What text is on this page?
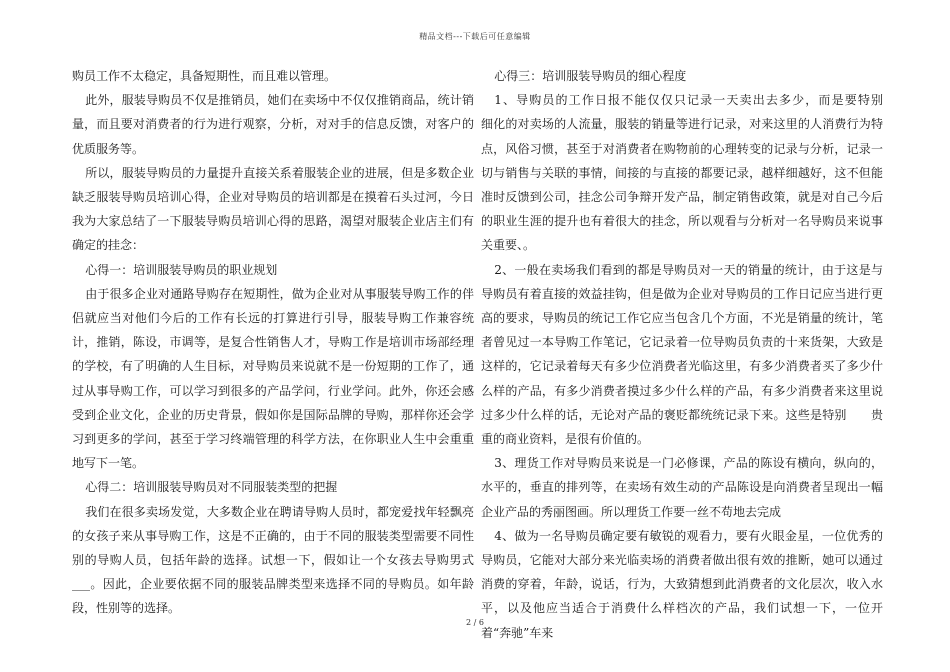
精品文档---下载后可任意编辑

购员工作不太稳定，具备短期性，而且难以管理。

此外，服装导购员不仅是推销员，她们在卖场中不仅仅推销商品，统计销量，而且要对消费者的行为进行观察，分析，对对手的信息反馈，对客户的优质服务等。

所以，服装导购员的力量提升直接关系着服装企业的进展，但是多数企业缺乏服装导购员培训心得，企业对导购员的培训都是在摸着石头过河，今日我为大家总结了一下服装导购员培训心得的思路，渴望对服装企业店主们有确定的挂念：

心得一：培训服装导购员的职业规划

由于很多企业对通路导购存在短期性，做为企业对从事服装导购工作的伴侣就应当对他们今后的工作有长远的打算进行引导，服装导购工作兼容统计，推销，陈设，市调等，是复合性销售人才，导购工作是培训市场部经理的学校，有了明确的人生目标，对导购员来说就不是一份短期的工作了，通过从事导购工作，可以学习到很多的产品学问，行业学问。此外，你还会感受到企业文化，企业的历史背景，假如你是国际品牌的导购，那样你还会学习到更多的学问，甚至于学习终端管理的科学方法，在你职业人生中会重重地写下一笔。

心得二：培训服装导购员对不同服装类型的把握

我们在很多卖场发觉，大多数企业在聘请导购人员时，都宠爱找年轻飘亮的女孩子来从事导购工作，这是不正确的，由于不同的服装类型需要不同性别的导购人员，包括年龄的选择。试想一下，假如让一个女孩去导购男式___。因此，企业要依据不同的服装品牌类型来选择不同的导购员。如年龄段，性别等的选择。

心得三：培训服装导购员的细心程度

1、导购员的工作日报不能仅仅只记录一天卖出去多少，而是要特别　　细化的对卖场的人流量，服装的销量等进行记录，对来这里的人消费行为特点，风俗习惯，甚至于对消费者在购物前的心理转变的记录与分析，记录一切与销售与关联的事情，间接的与直接的都要记录，越样细越好，这不但能准时反馈到公司，挂念公司争辩开发产品，制定销售政策，就是对自己今后的职业生涯的提升也有着很大的挂念，所以观看与分析对一名导购员来说事关重要、。

2、一般在卖场我们看到的都是导购员对一天的销量的统计，由于这是与导购员有着直接的效益挂钩，但是做为企业对导购员的工作日记应当进行更高的要求，导购员的统记工作它应当包含几个方面，不光是销量的统计，笔者曾见过一本导购工作笔记，它记录着一位导购员负责的十来货架，大致是这样的，它记录着每天有多少位消费者光临这里，有多少消费者买了多少什么样的产品，有多少消费者摸过多少什么样的产品，有多少消费者来这里说过多少什么样的话，无论对产品的褒贬都统统记录下来。这些是特别　　贵重的商业资料，是很有价值的。

3、理货工作对导购员来说是一门必修课，产品的陈设有横向，纵向的，水平的，垂直的排列等，在卖场有效生动的产品陈设是向消费者呈现出一幅企业产品的秀丽图画。所以理货工作要一丝不苟地去完成

4、做为一名导购员确定要有敏锐的观看力，要有火眼金星，一位优秀的导购员，它能对大部分来光临卖场的消费者做出很有效的推断，她可以通过消费的穿着，年龄，说话，行为，大致猜想到此消费者的文化层次，收入水平，以及他应当适合于消费什么样档次的产品，我们试想一下，一位开着“奔驰”车来

2 / 6
